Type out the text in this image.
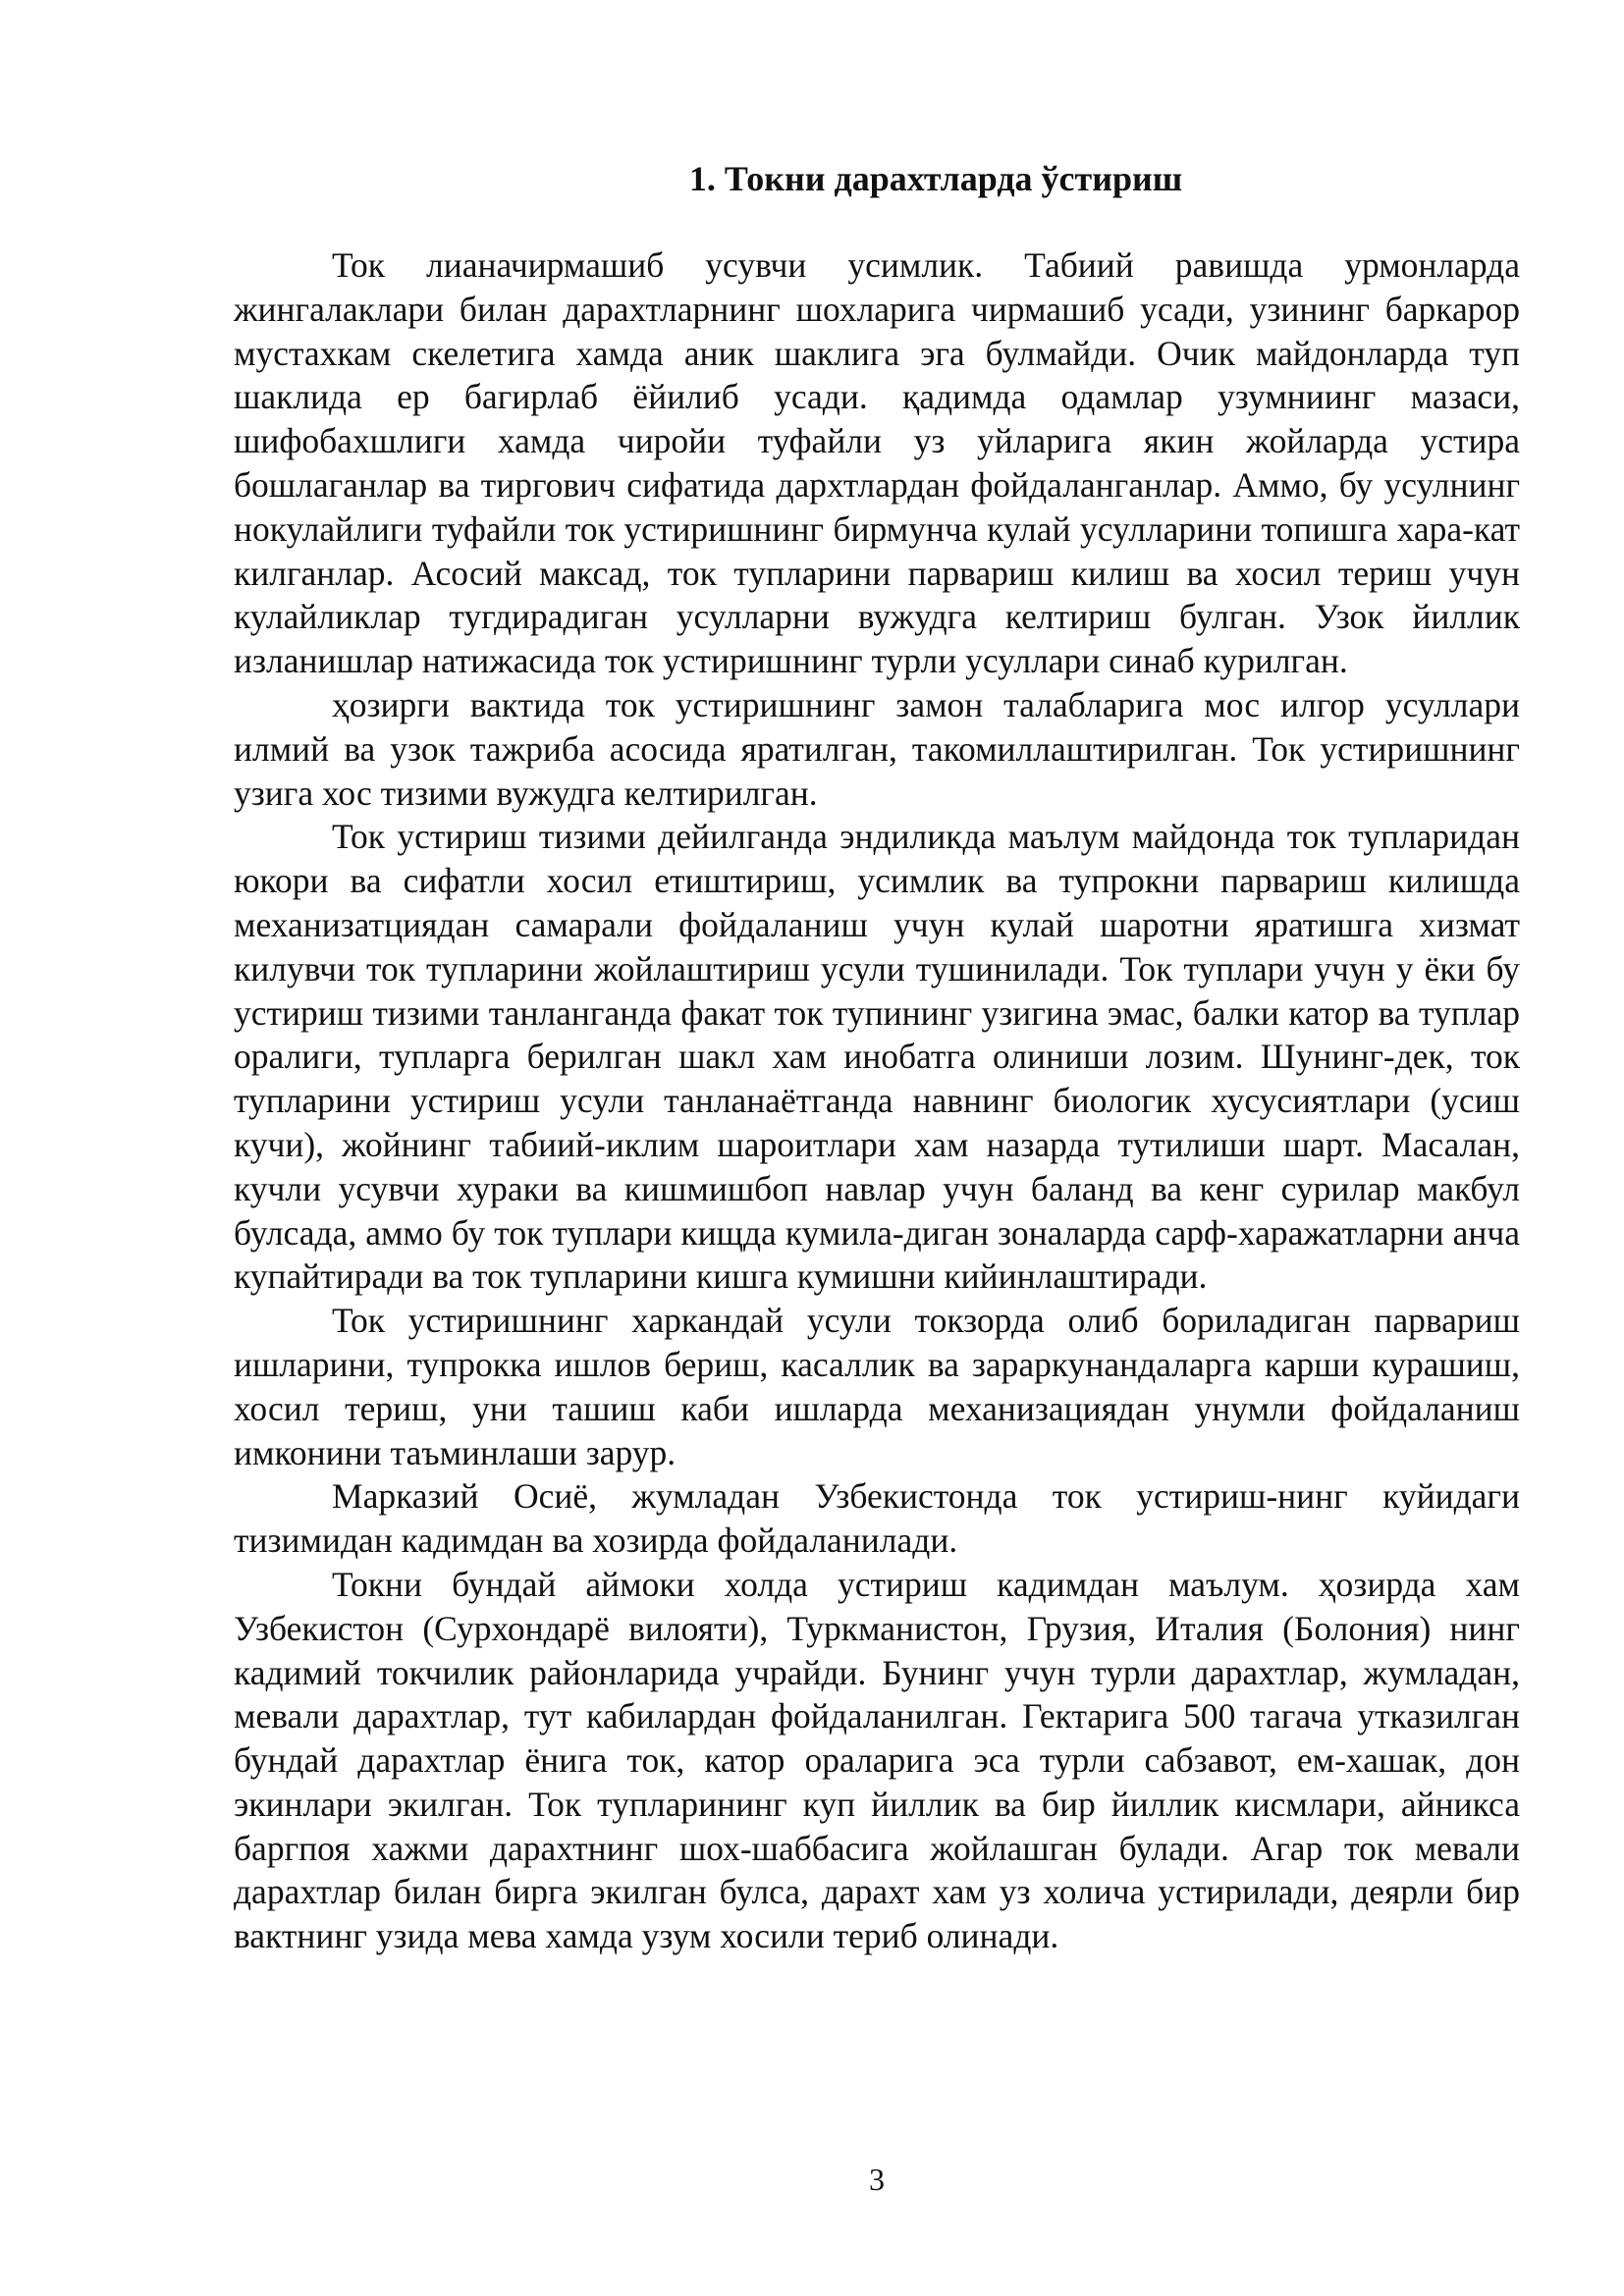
1. Токни дарахтларда ўстириш

Ток лианачирмашиб усувчи усимлик. Табиий равишда урмонларда жингалаклари билан дарахтларнинг шохларига чирмашиб усади, узининг баркарор мустахкам скелетига хамда аник шаклига эга булмайди. Очик майдонларда туп шаклида ер багирлаб ёйилиб усади. қадимда одамлар узумниинг мазаси, шифобахшлиги хамда чиройи туфайли уз уйларига якин жойларда устира бошлаганлар ва тиргович сифатида дархтлардан фойдаланганлар. Аммо, бу усулнинг нокулайлиги туфайли ток устиришнинг бирмунча кулай усулларини топишга хара-кат килганлар. Асосий максад, ток тупларини парвариш килиш ва хосил териш учун кулайликлар тугдирадиган усулларни вужудга келтириш булган. Узок йиллик изланишлар натижасида ток устиришнинг турли усуллари синаб курилган.

ҳозирги вактида ток устиришнинг замон талабларига мос илгор усуллари илмий ва узок тажриба асосида яратилган, такомиллаштирилган. Ток устиришнинг узига хос тизими вужудга келтирилган.

Ток устириш тизими дейилганда эндиликда маълум майдонда ток тупларидан юкори ва сифатли хосил етиштириш, усимлик ва тупрокни парвариш килишда механизатциядан самарали фойдаланиш учун кулай шаротни яратишга хизмат килувчи ток тупларини жойлаштириш усули тушинилади. Ток туплари учун у ёки бу устириш тизими танланганда факат ток тупининг узигина эмас, балки катор ва туплар оралиги, тупларга берилган шакл хам инобатга олиниши лозим. Шунинг-дек, ток тупларини устириш усули танланаётганда навнинг биологик хусусиятлари (усиш кучи), жойнинг табиий-иклим шароитлари хам назарда тутилиши шарт. Масалан, кучли усувчи хураки ва кишмишбоп навлар учун баланд ва кенг сурилар макбул булсада, аммо бу ток туплари кищда кумила-диган зоналарда сарф-харажатларни анча купайтиради ва ток тупларини кишга кумишни кийинлаштиради.

Ток устиришнинг харкандай усули токзорда олиб бориладиган парвариш ишларини, тупрокка ишлов бериш, касаллик ва зараркунандаларга карши курашиш, хосил териш, уни ташиш каби ишларда механизациядан унумли фойдаланиш имконини таъминлаши зарур.

Марказий Осиё, жумладан Узбекистонда ток устириш-нинг куйидаги тизимидан кадимдан ва хозирда фойдаланилади.

Токни бундай аймоки холда устириш кадимдан маълум. ҳозирда хам Узбекистон (Сурхондарё вилояти), Туркманистон, Грузия, Италия (Болония) нинг кадимий токчилик районларида учрайди. Бунинг учун турли дарахтлар, жумладан, мевали дарахтлар, тут кабилардан фойдаланилган. Гектарига 500 тагача утказилган бундай дарахтлар ёнига ток, катор ораларига эса турли сабзавот, ем-хашак, дон экинлари экилган. Ток тупларининг куп йиллик ва бир йиллик кисмлари, айникса баргпоя хажми дарахтнинг шох-шаббасига жойлашган булади. Агар ток мевали дарахтлар билан бирга экилган булса, дарахт хам уз холича устирилади, деярли бир вактнинг узида мева хамда узум хосили териб олинади.

3
